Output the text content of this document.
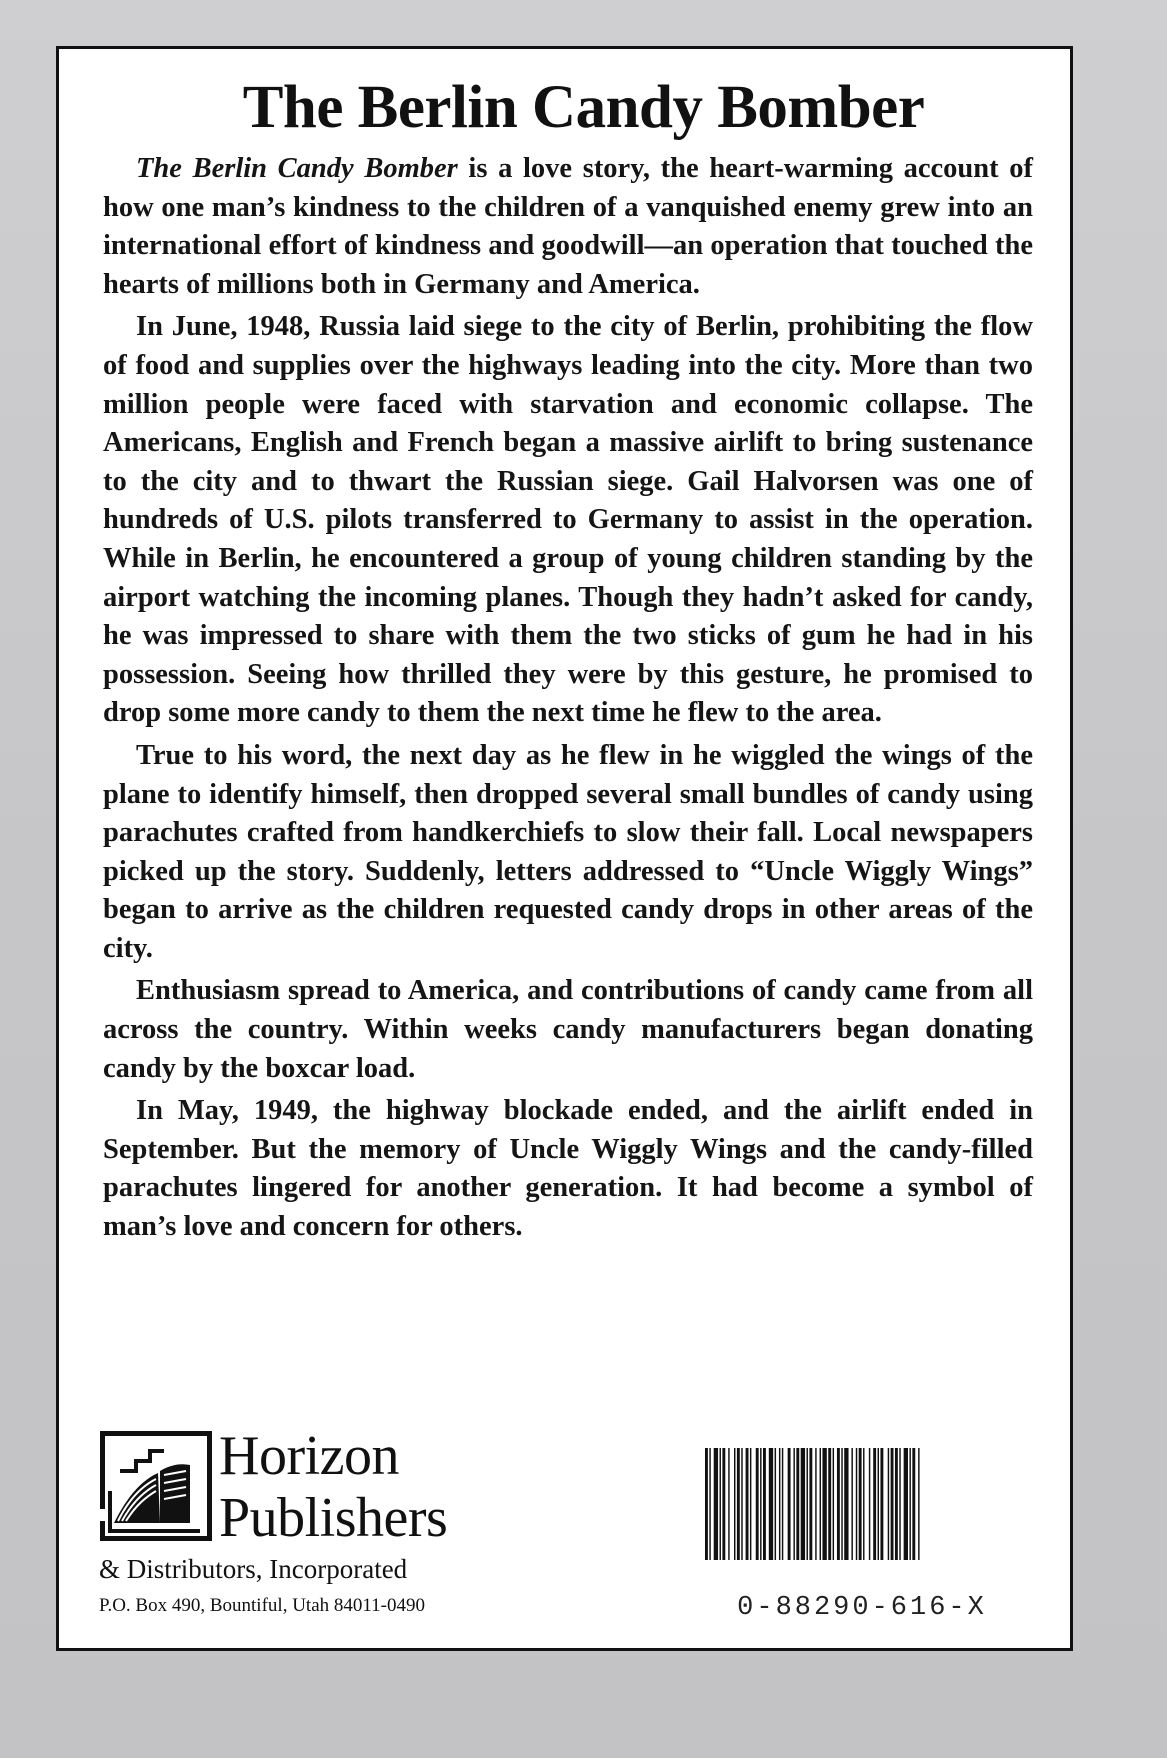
The Berlin Candy Bomber

The Berlin Candy Bomber is a love story, the heart-warming account of how one man’s kindness to the children of a vanquished enemy grew into an international effort of kindness and goodwill—an operation that touched the hearts of millions both in Germany and America.

In June, 1948, Russia laid siege to the city of Berlin, prohibiting the flow of food and supplies over the highways leading into the city. More than two million people were faced with starvation and economic collapse. The Americans, English and French began a massive airlift to bring sustenance to the city and to thwart the Russian siege. Gail Halvorsen was one of hundreds of U.S. pilots transferred to Germany to assist in the operation. While in Berlin, he encountered a group of young children standing by the airport watching the incoming planes. Though they hadn’t asked for candy, he was impressed to share with them the two sticks of gum he had in his possession. Seeing how thrilled they were by this gesture, he promised to drop some more candy to them the next time he flew to the area.

True to his word, the next day as he flew in he wiggled the wings of the plane to identify himself, then dropped several small bundles of candy using parachutes crafted from handkerchiefs to slow their fall. Local newspapers picked up the story. Suddenly, letters addressed to “Uncle Wiggly Wings” began to arrive as the children requested candy drops in other areas of the city.

Enthusiasm spread to America, and contributions of candy came from all across the country. Within weeks candy manufacturers began donating candy by the boxcar load.

In May, 1949, the highway blockade ended, and the airlift ended in September. But the memory of Uncle Wiggly Wings and the candy-filled parachutes lingered for another generation. It had become a symbol of man’s love and concern for others.

Horizon
Publishers
& Distributors, Incorporated
P.O. Box 490, Bountiful, Utah 84011-0490	0-88290-616-X
